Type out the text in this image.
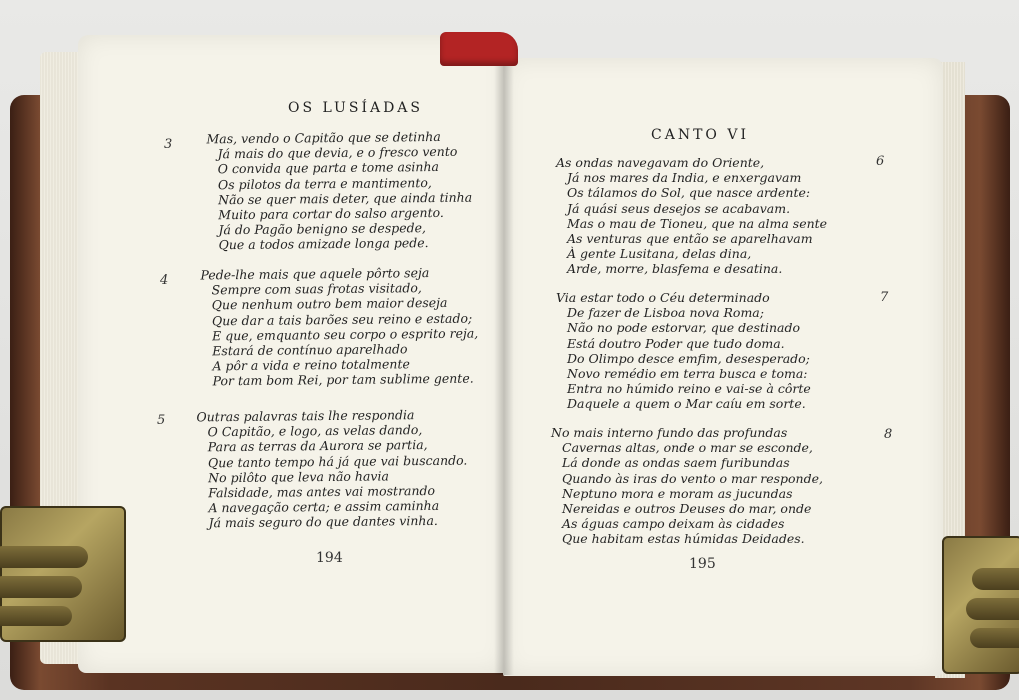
OS LUSÍADAS
3	Mas, vendo o Capitão que se detinha
Já mais do que devia, e o fresco vento
O convida que parta e tome asinha
Os pilotos da terra e mantimento,
Não se quer mais deter, que ainda tinha
Muito para cortar do salso argento.
Já do Pagão benigno se despede,
Que a todos amizade longa pede.
4	Pede-lhe mais que aquele pôrto seja
Sempre com suas frotas visitado,
Que nenhum outro bem maior deseja
Que dar a tais barões seu reino e estado;
E que, emquanto seu corpo o esprito reja,
Estará de contínuo aparelhado
A pôr a vida e reino totalmente
Por tam bom Rei, por tam sublime gente.
5 Outras palavras tais lhe respondia
O Capitão, e logo, as velas dando,
Para as terras da Aurora se partia,
Que tanto tempo há já que vai buscando.
No pilôto que leva não havia
Falsidade, mas antes vai mostrando
A navegação certa; e assim caminha
Já mais seguro do que dantes vinha.
194
CANTO VI
6
As ondas navegavam do Oriente,
Já nos mares da India, e enxergavam
Os tálamos do Sol, que nasce ardente:
Já quási seus desejos se acabavam.
Mas o mau de Tioneu, que na alma sente
As venturas que então se aparelhavam
À gente Lusitana, delas dina,
Arde, morre, blasfema e desatina.
7
Via estar todo o Céu determinado
De fazer de Lisboa nova Roma;
Não no pode estorvar, que destinado
Está doutro Poder que tudo doma.
Do Olimpo desce emfim, desesperado;
Novo remédio em terra busca e toma:
Entra no húmido reino e vai-se à côrte
Daquele a quem o Mar caíu em sorte.
8
No mais interno fundo das profundas
Cavernas altas, onde o mar se esconde,
Lá donde as ondas saem furibundas
Quando às iras do vento o mar responde,
Neptuno mora e moram as jucundas
Nereidas e outros Deuses do mar, onde
As águas campo deixam às cidades
Que habitam estas húmidas Deidades.
195
